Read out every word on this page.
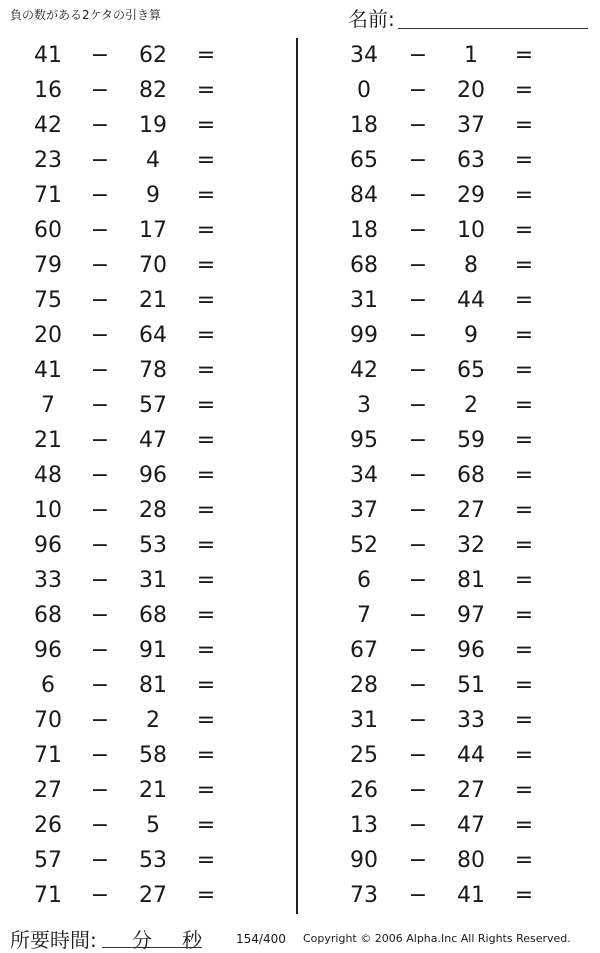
負の数がある2ケタの引き算	名前:
41	−	62	=
16	−	82	=
42	−	19	=
23	−	4	=
71	−	9	=
60	−	17	=
79	−	70	=
75	−	21	=
20	−	64	=
41	−	78	=
7	−	57	=
21	−	47	=
48	−	96	=
10	−	28	=
96	−	53	=
33	−	31	=
68	−	68	=
96	−	91	=
6	−	81	=
70	−	2	=
71	−	58	=
27	−	21	=
26	−	5	=
57	−	53	=
71	−	27	=
34	−	1	=
0	−	20	=
18	−	37	=
65	−	63	=
84	−	29	=
18	−	10	=
68	−	8	=
31	−	44	=
99	−	9	=
42	−	65	=
3	−	2	=
95	−	59	=
34	−	68	=
37	−	27	=
52	−	32	=
6	−	81	=
7	−	97	=
67	−	96	=
28	−	51	=
31	−	33	=
25	−	44	=
26	−	27	=
13	−	47	=
90	−	80	=
73	−	41	=
所要時間: 分 秒	154/400 Copyright © 2006 Alpha.Inc All Rights Reserved.
